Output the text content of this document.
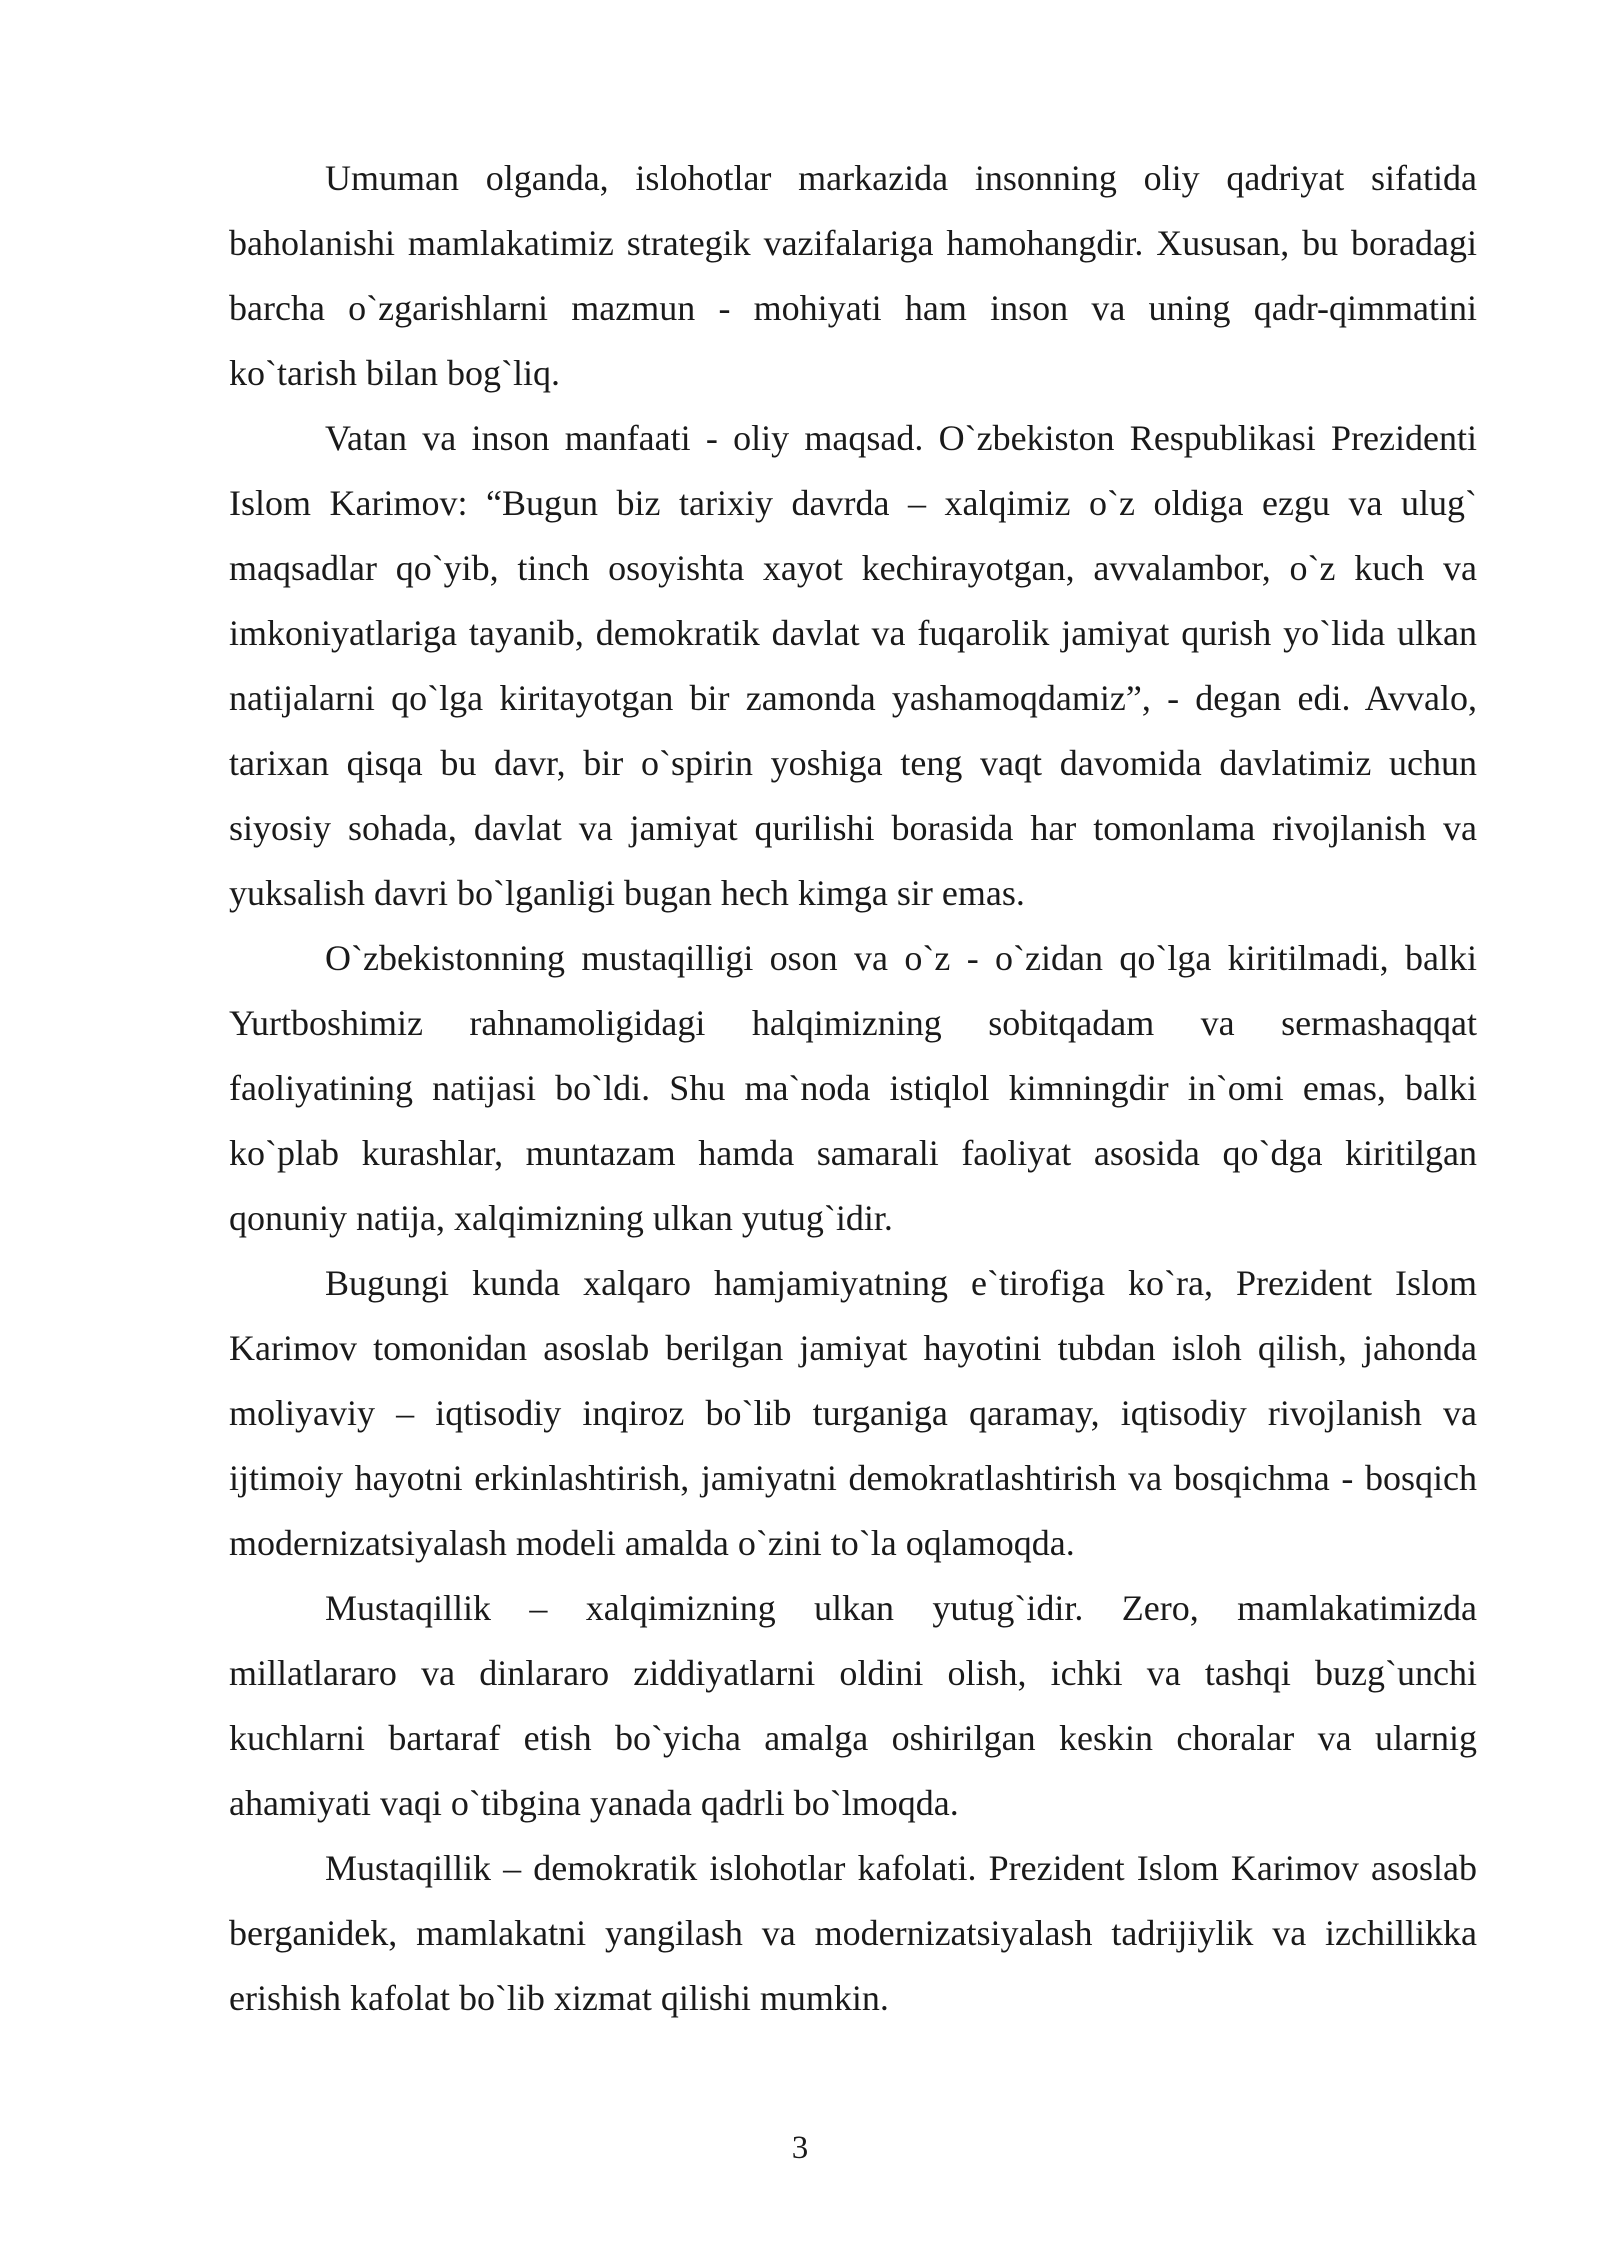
Umuman olganda, islohotlar markazida insonning oliy qadriyat sifatida baholanishi mamlakatimiz strategik vazifalariga hamohangdir. Xususan, bu boradagi barcha o`zgarishlarni mazmun - mohiyati ham inson va uning qadr-qimmatini ko`tarish bilan bog`liq.

Vatan va inson manfaati - oliy maqsad. O`zbekiston Respublikasi Prezidenti Islom Karimov: “Bugun biz tarixiy davrda – xalqimiz o`z oldiga ezgu va ulug` maqsadlar qo`yib, tinch osoyishta xayot kechirayotgan, avvalambor, o`z kuch va imkoniyatlariga tayanib, demokratik davlat va fuqarolik jamiyat qurish yo`lida ulkan natijalarni qo`lga kiritayotgan bir zamonda yashamoqdamiz”, - degan edi. Avvalo, tarixan qisqa bu davr, bir o`spirin yoshiga teng vaqt davomida davlatimiz uchun siyosiy sohada, davlat va jamiyat qurilishi borasida har tomonlama rivojlanish va yuksalish davri bo`lganligi bugan hech kimga sir emas.

O`zbekistonning mustaqilligi oson va o`z - o`zidan qo`lga kiritilmadi, balki Yurtboshimiz rahnamoligidagi halqimizning sobitqadam va sermashaqqat faoliyatining natijasi bo`ldi. Shu ma`noda istiqlol kimningdir in`omi emas, balki ko`plab kurashlar, muntazam hamda samarali faoliyat asosida qo`dga kiritilgan qonuniy natija, xalqimizning ulkan yutug`idir.

Bugungi kunda xalqaro hamjamiyatning e`tirofiga ko`ra, Prezident Islom Karimov tomonidan asoslab berilgan jamiyat hayotini tubdan isloh qilish, jahonda moliyaviy – iqtisodiy inqiroz bo`lib turganiga qaramay, iqtisodiy rivojlanish va ijtimoiy hayotni erkinlashtirish, jamiyatni demokratlashtirish va bosqichma - bosqich modernizatsiyalash modeli amalda o`zini to`la oqlamoqda.

Mustaqillik – xalqimizning ulkan yutug`idir. Zero, mamlakatimizda millatlararo va dinlararo ziddiyatlarni oldini olish, ichki va tashqi buzg`unchi kuchlarni bartaraf etish bo`yicha amalga oshirilgan keskin choralar va ularnig ahamiyati vaqi o`tibgina yanada qadrli bo`lmoqda.

Mustaqillik – demokratik islohotlar kafolati. Prezident Islom Karimov asoslab berganidek, mamlakatni yangilash va modernizatsiyalash tadrijiylik va izchillikka erishish kafolat bo`lib xizmat qilishi mumkin.

3
